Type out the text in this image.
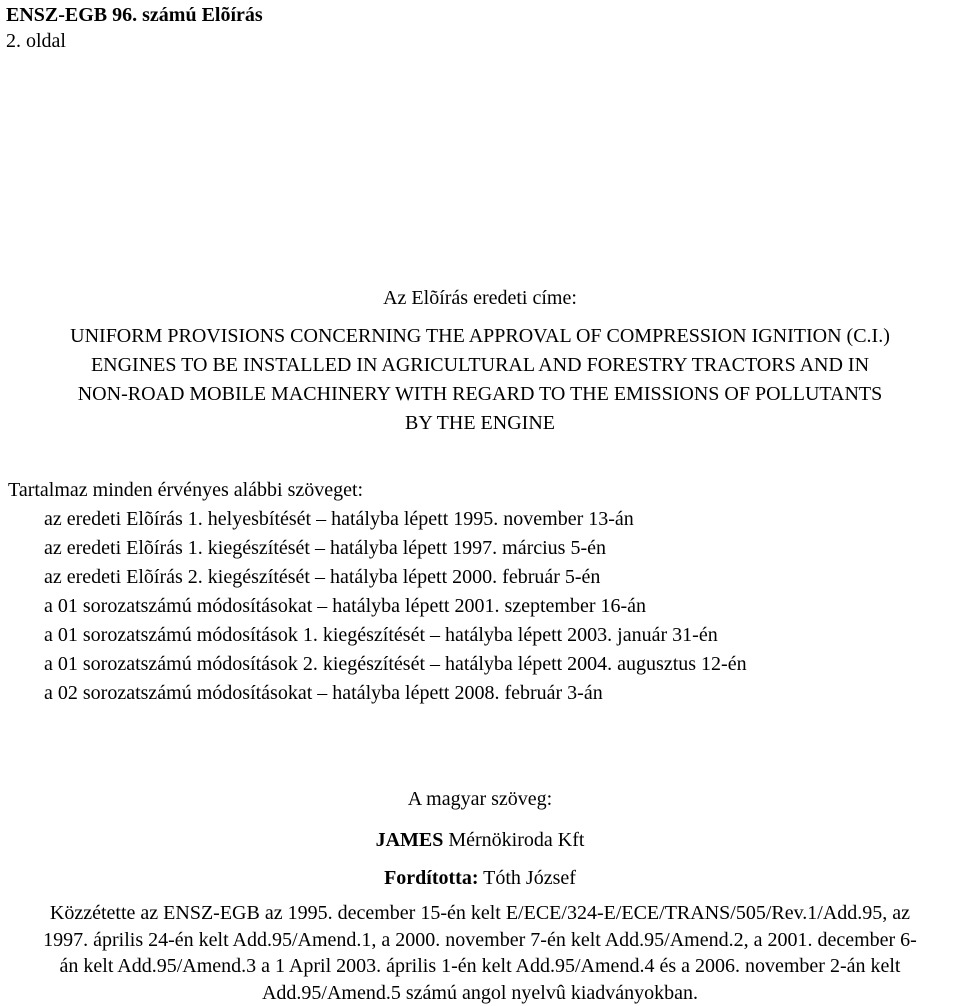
ENSZ-EGB 96. számú Elõírás
2. oldal
Az Elõírás eredeti címe:
UNIFORM PROVISIONS CONCERNING THE APPROVAL OF COMPRESSION IGNITION (C.I.)
ENGINES TO BE INSTALLED IN AGRICULTURAL AND FORESTRY TRACTORS AND IN
NON-ROAD MOBILE MACHINERY WITH REGARD TO THE EMISSIONS OF POLLUTANTS
BY THE ENGINE
Tartalmaz minden érvényes alábbi szöveget:
az eredeti Elõírás 1. helyesbítését – hatályba lépett 1995. november 13-án
az eredeti Elõírás 1. kiegészítését – hatályba lépett 1997. március 5-én
az eredeti Elõírás 2. kiegészítését – hatályba lépett 2000. február 5-én
a 01 sorozatszámú módosításokat – hatályba lépett 2001. szeptember 16-án
a 01 sorozatszámú módosítások 1. kiegészítését – hatályba lépett 2003. január 31-én
a 01 sorozatszámú módosítások 2. kiegészítését – hatályba lépett 2004. augusztus 12-én
a 02 sorozatszámú módosításokat – hatályba lépett 2008. február 3-án
A magyar szöveg:
JAMES Mérnökiroda Kft
Fordította: Tóth József
Közzétette az ENSZ-EGB az 1995. december 15-én kelt E/ECE/324-E/ECE/TRANS/505/Rev.1/Add.95, az
1997. április 24-én kelt Add.95/Amend.1, a 2000. november 7-én kelt Add.95/Amend.2, a 2001. december 6-
án kelt Add.95/Amend.3 a 1 April 2003. április 1-én kelt Add.95/Amend.4 és a 2006. november 2-án kelt
Add.95/Amend.5 számú angol nyelvû kiadványokban.
